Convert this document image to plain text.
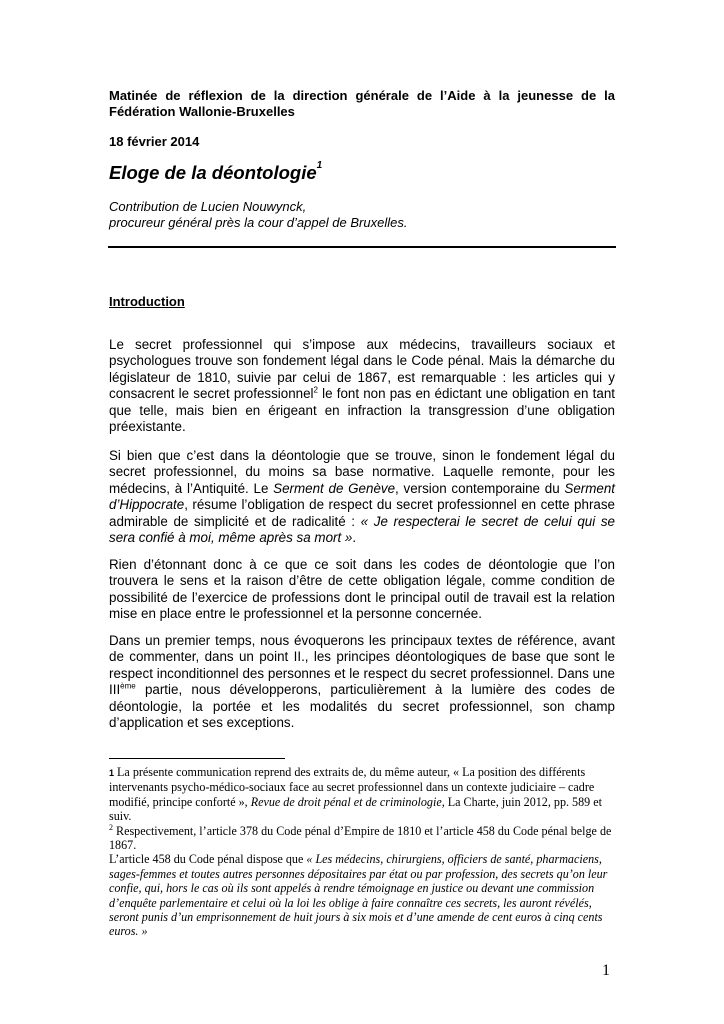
Matinée de réflexion de la direction générale de l’Aide à la jeunesse de la Fédération Wallonie-Bruxelles
18 février 2014
Eloge de la déontologie$^1$
Contribution de Lucien Nouwynck,
procureur général près la cour d’appel de Bruxelles.
Introduction
Le secret professionnel qui s’impose aux médecins, travailleurs sociaux et psychologues trouve son fondement légal dans le Code pénal. Mais la démarche du législateur de 1810, suivie par celui de 1867, est remarquable : les articles qui y consacrent le secret professionnel$^2$ le font non pas en édictant une obligation en tant que telle, mais bien en érigeant en infraction la transgression d’une obligation préexistante.
Si bien que c’est dans la déontologie que se trouve, sinon le fondement légal du secret professionnel, du moins sa base normative. Laquelle remonte, pour les médecins, à l’Antiquité. Le Serment de Genève, version contemporaine du Serment d’Hippocrate, résume l’obligation de respect du secret professionnel en cette phrase admirable de simplicité et de radicalité : « Je respecterai le secret de celui qui se sera confié à moi, même après sa mort ».
Rien d’étonnant donc à ce que ce soit dans les codes de déontologie que l’on trouvera le sens et la raison d’être de cette obligation légale, comme condition de possibilité de l’exercice de professions dont le principal outil de travail est la relation mise en place entre le professionnel et la personne concernée.
Dans un premier temps, nous évoquerons les principaux textes de référence, avant de commenter, dans un point II., les principes déontologiques de base que sont le respect inconditionnel des personnes et le respect du secret professionnel. Dans une IIIème partie, nous développerons, particulièrement à la lumière des codes de déontologie, la portée et les modalités du secret professionnel, son champ d’application et ses exceptions.
1 La présente communication reprend des extraits de, du même auteur, « La position des différents intervenants psycho-médico-sociaux face au secret professionnel dans un contexte judiciaire – cadre modifié, principe conforté », Revue de droit pénal et de criminologie, La Charte, juin 2012, pp. 589 et suiv.
$^2$ Respectivement, l’article 378 du Code pénal d’Empire de 1810 et l’article 458 du Code pénal belge de 1867.
L’article 458 du Code pénal dispose que « Les médecins, chirurgiens, officiers de santé, pharmaciens, sages-femmes et toutes autres personnes dépositaires par état ou par profession, des secrets qu’on leur confie, qui, hors le cas où ils sont appelés à rendre témoignage en justice ou devant une commission d’enquête parlementaire et celui où la loi les oblige à faire connaître ces secrets, les auront révélés, seront punis d’un emprisonnement de huit jours à six mois et d’une amende de cent euros à cinq cents euros. »
1
